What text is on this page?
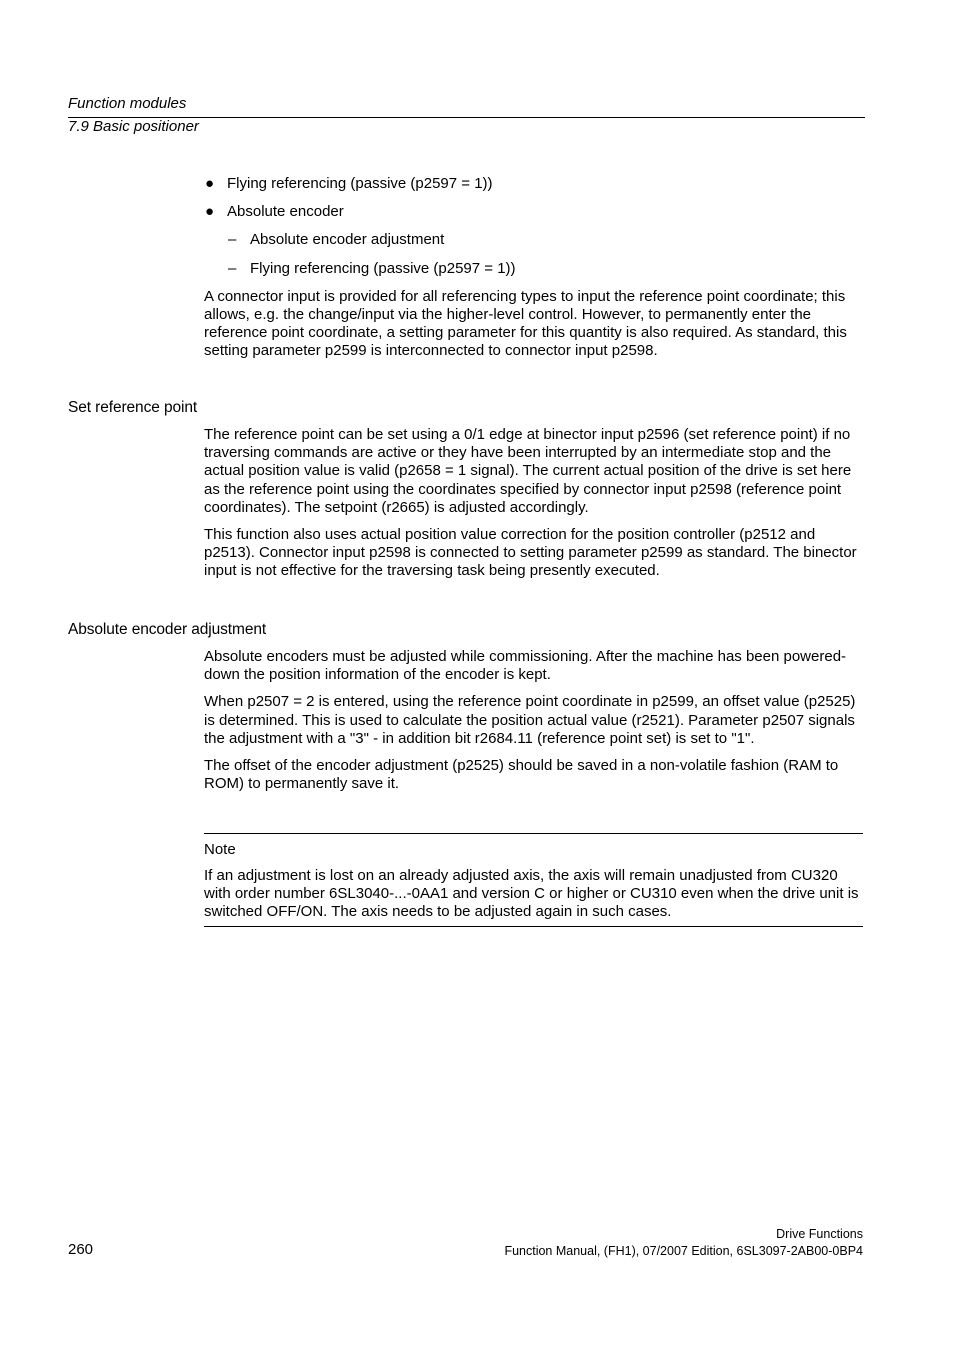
Function modules
7.9 Basic positioner
● Flying referencing (passive (p2597 = 1))
● Absolute encoder
– Absolute encoder adjustment
– Flying referencing (passive (p2597 = 1))

A connector input is provided for all referencing types to input the reference point coordinate; this allows, e.g. the change/input via the higher-level control. However, to permanently enter the reference point coordinate, a setting parameter for this quantity is also required. As standard, this setting parameter p2599 is interconnected to connector input p2598.

Set reference point

The reference point can be set using a 0/1 edge at binector input p2596 (set reference point) if no traversing commands are active or they have been interrupted by an intermediate stop and the actual position value is valid (p2658 = 1 signal). The current actual position of the drive is set here as the reference point using the coordinates specified by connector input p2598 (reference point coordinates). The setpoint (r2665) is adjusted accordingly.

This function also uses actual position value correction for the position controller (p2512 and p2513). Connector input p2598 is connected to setting parameter p2599 as standard. The binector input is not effective for the traversing task being presently executed.

Absolute encoder adjustment

Absolute encoders must be adjusted while commissioning. After the machine has been powered-down the position information of the encoder is kept.

When p2507 = 2 is entered, using the reference point coordinate in p2599, an offset value (p2525) is determined. This is used to calculate the position actual value (r2521). Parameter p2507 signals the adjustment with a "3" - in addition bit r2684.11 (reference point set) is set to "1".

The offset of the encoder adjustment (p2525) should be saved in a non-volatile fashion (RAM to ROM) to permanently save it.

Note
If an adjustment is lost on an already adjusted axis, the axis will remain unadjusted from CU320 with order number 6SL3040-...-0AA1 and version C or higher or CU310 even when the drive unit is switched OFF/ON. The axis needs to be adjusted again in such cases.
260
Drive Functions
Function Manual, (FH1), 07/2007 Edition, 6SL3097-2AB00-0BP4
